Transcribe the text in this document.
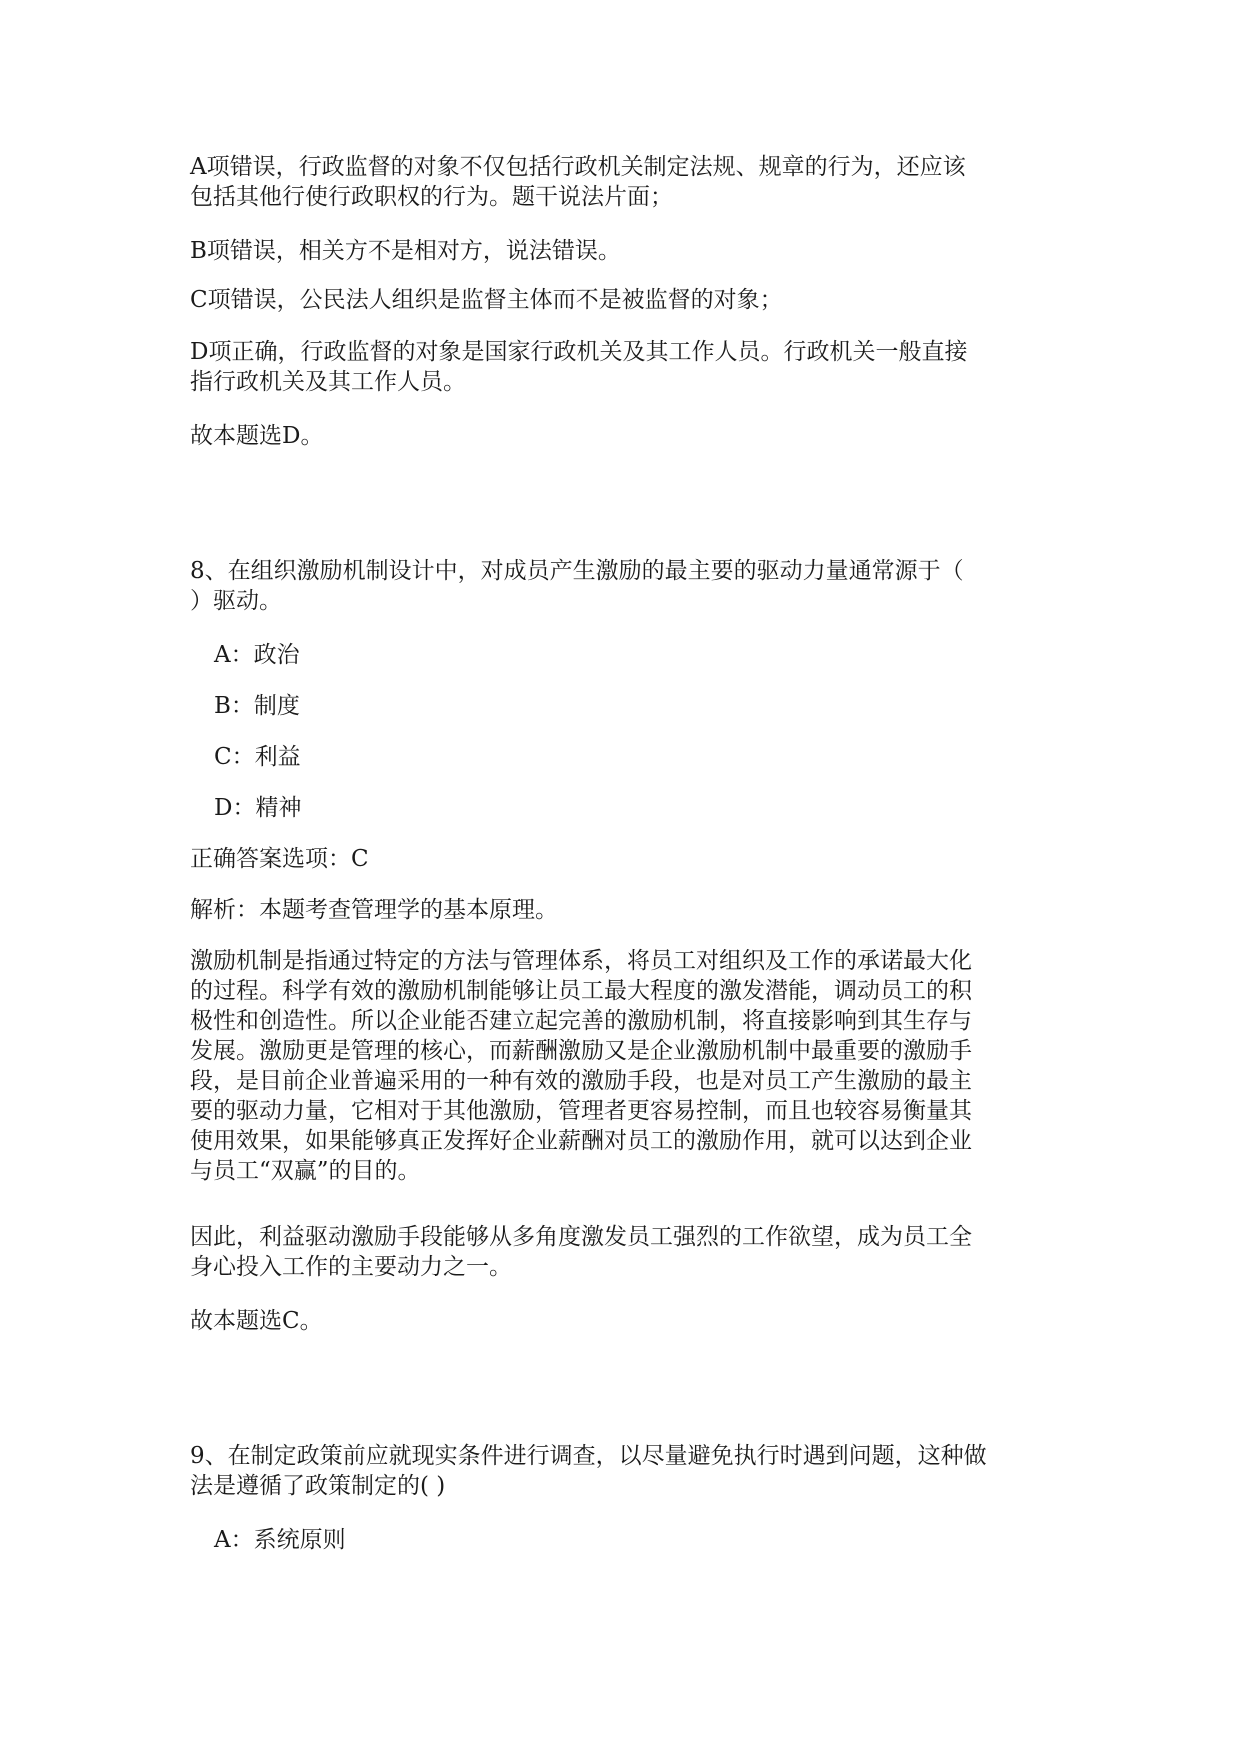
A项错误，行政监督的对象不仅包括行政机关制定法规、规章的行为，还应该
包括其他行使行政职权的行为。题干说法片面；
B项错误，相关方不是相对方，说法错误。
C项错误，公民法人组织是监督主体而不是被监督的对象；
D项正确，行政监督的对象是国家行政机关及其工作人员。行政机关一般直接
指行政机关及其工作人员。
故本题选D。
8、在组织激励机制设计中，对成员产生激励的最主要的驱动力量通常源于（
）驱动。
A：政治
B：制度
C：利益
D：精神
正确答案选项：C
解析：本题考查管理学的基本原理。
激励机制是指通过特定的方法与管理体系，将员工对组织及工作的承诺最大化
的过程。科学有效的激励机制能够让员工最大程度的激发潜能，调动员工的积
极性和创造性。所以企业能否建立起完善的激励机制，将直接影响到其生存与
发展。激励更是管理的核心，而薪酬激励又是企业激励机制中最重要的激励手
段，是目前企业普遍采用的一种有效的激励手段，也是对员工产生激励的最主
要的驱动力量，它相对于其他激励，管理者更容易控制，而且也较容易衡量其
使用效果，如果能够真正发挥好企业薪酬对员工的激励作用，就可以达到企业
与员工“双赢”的目的。
因此，利益驱动激励手段能够从多角度激发员工强烈的工作欲望，成为员工全
身心投入工作的主要动力之一。
故本题选C。
9、在制定政策前应就现实条件进行调查，以尽量避免执行时遇到问题，这种做
法是遵循了政策制定的( )
A：系统原则
